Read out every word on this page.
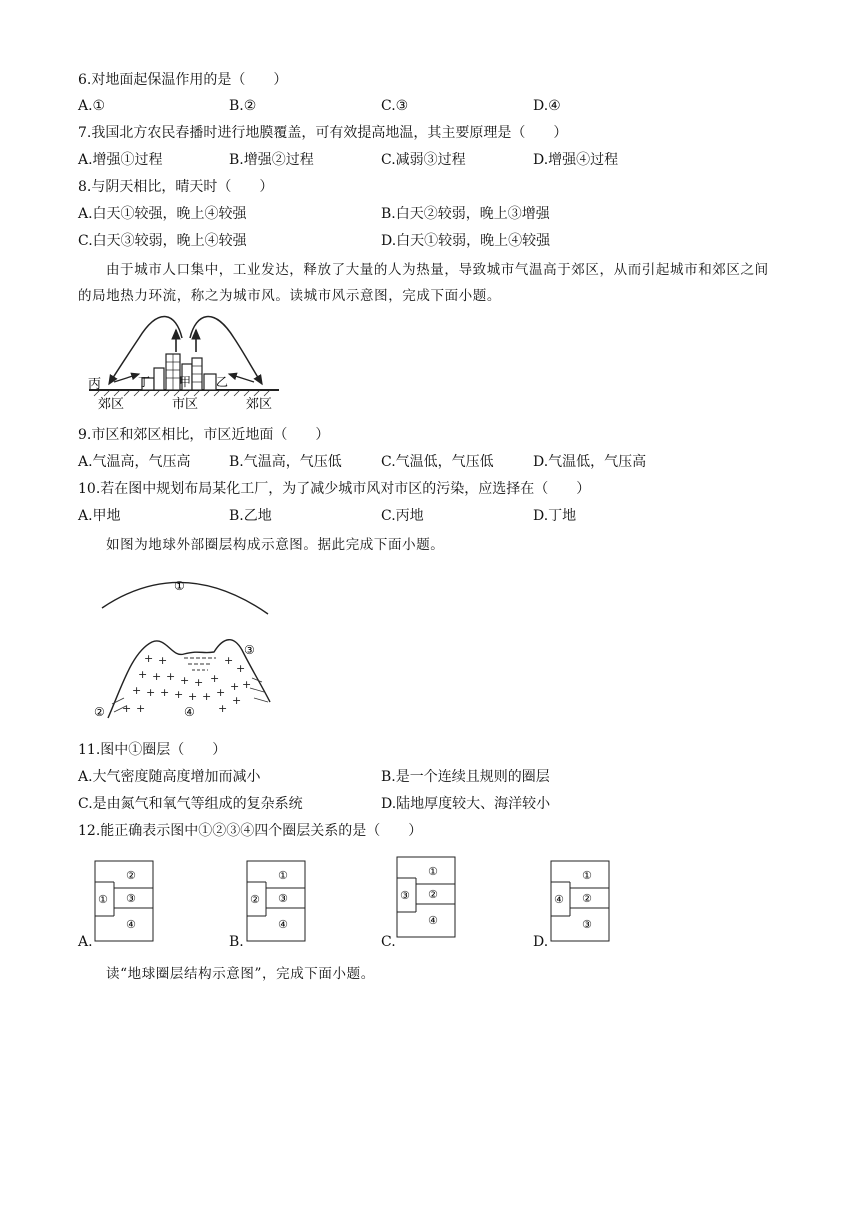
6.对地面起保温作用的是（　　）
A.①	B.②	C.③	D.④
7.我国北方农民春播时进行地膜覆盖，可有效提高地温，其主要原理是（　　）
A.增强①过程	B.增强②过程	C.减弱③过程	D.增强④过程
8.与阴天相比，晴天时（　　）
A.白天①较强，晚上④较强	B.白天②较弱，晚上③增强
C.白天③较弱，晚上④较强	D.白天①较弱，晚上④较强
由于城市人口集中，工业发达，释放了大量的人为热量，导致城市气温高于郊区，从而引起城市和郊区之间的局地热力环流，称之为城市风。读城市风示意图，完成下面小题。
丙	丁 甲 乙
郊区	市区	郊区
9.市区和郊区相比，市区近地面（　　）
A.气温高，气压高	B.气温高，气压低	C.气温低，气压低	D.气温低，气压高
10.若在图中规划布局某化工厂，为了减少城市风对市区的污染，应选择在（　　）
A.甲地	B.乙地	C.丙地	D.丁地
如图为地球外部圈层构成示意图。据此完成下面小题。
①
+ +
+ + + + + +
+
+
+ + + + + + + + +
+ +	+
+
②
③
④
11.图中①圈层（　　）
A.大气密度随高度增加而减小	B.是一个连续且规则的圈层
C.是由氮气和氧气等组成的复杂系统	D.陆地厚度较大、海洋较小
12.能正确表示图中①②③④四个圈层关系的是（　　）
A.	B.	C.	D.
①
②
③
④
②
①
③
④
③
①
②
④
④
①
②
③
读“地球圈层结构示意图”，完成下面小题。
